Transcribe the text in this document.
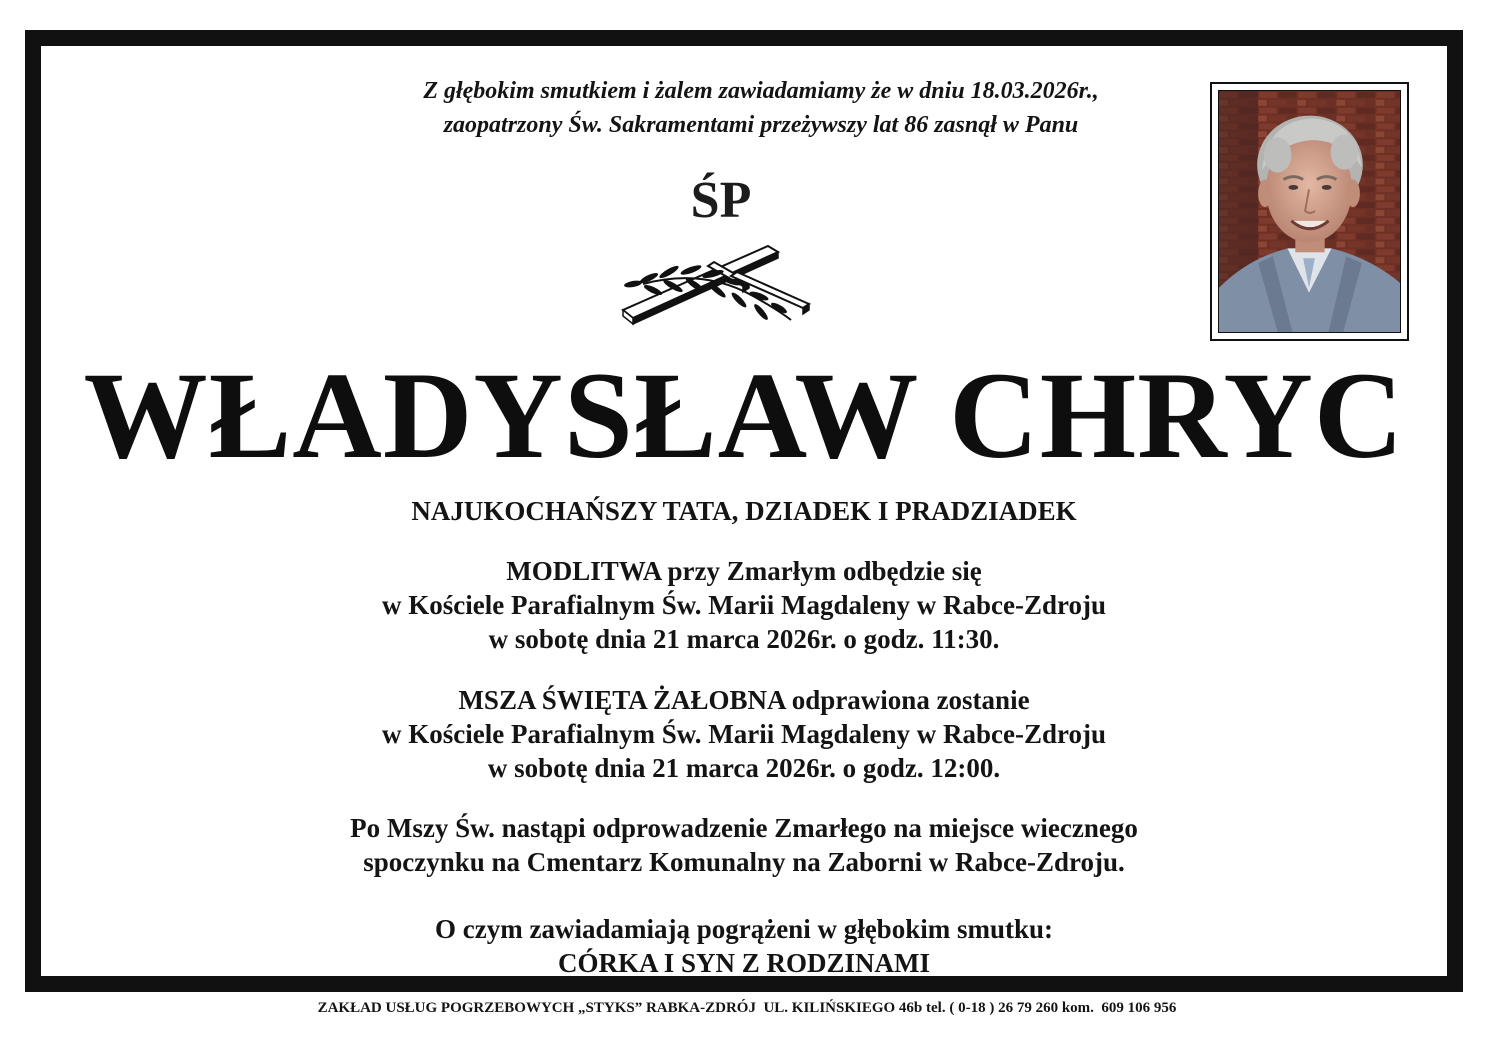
Z głębokim smutkiem i żalem zawiadamiamy że w dniu 18.03.2026r.,
zaopatrzony Św. Sakramentami przeżywszy lat 86 zasnął w Panu
ŚP
WŁADYSŁAW CHRYC
NAJUKOCHAŃSZY TATA, DZIADEK I PRADZIADEK
MODLITWA przy Zmarłym odbędzie się
w Kościele Parafialnym Św. Marii Magdaleny w Rabce-Zdroju
w sobotę dnia 21 marca 2026r. o godz. 11:30.
MSZA ŚWIĘTA ŻAŁOBNA odprawiona zostanie
w Kościele Parafialnym Św. Marii Magdaleny w Rabce-Zdroju
w sobotę dnia 21 marca 2026r. o godz. 12:00.
Po Mszy Św. nastąpi odprowadzenie Zmarłego na miejsce wiecznego
spoczynku na Cmentarz Komunalny na Zaborni w Rabce-Zdroju.
O czym zawiadamiają pogrążeni w głębokim smutku:
CÓRKA I SYN Z RODZINAMI
ZAKŁAD USŁUG POGRZEBOWYCH „STYKS” RABKA-ZDRÓJ  UL. KILIŃSKIEGO 46b tel. ( 0-18 ) 26 79 260 kom.  609 106 956
